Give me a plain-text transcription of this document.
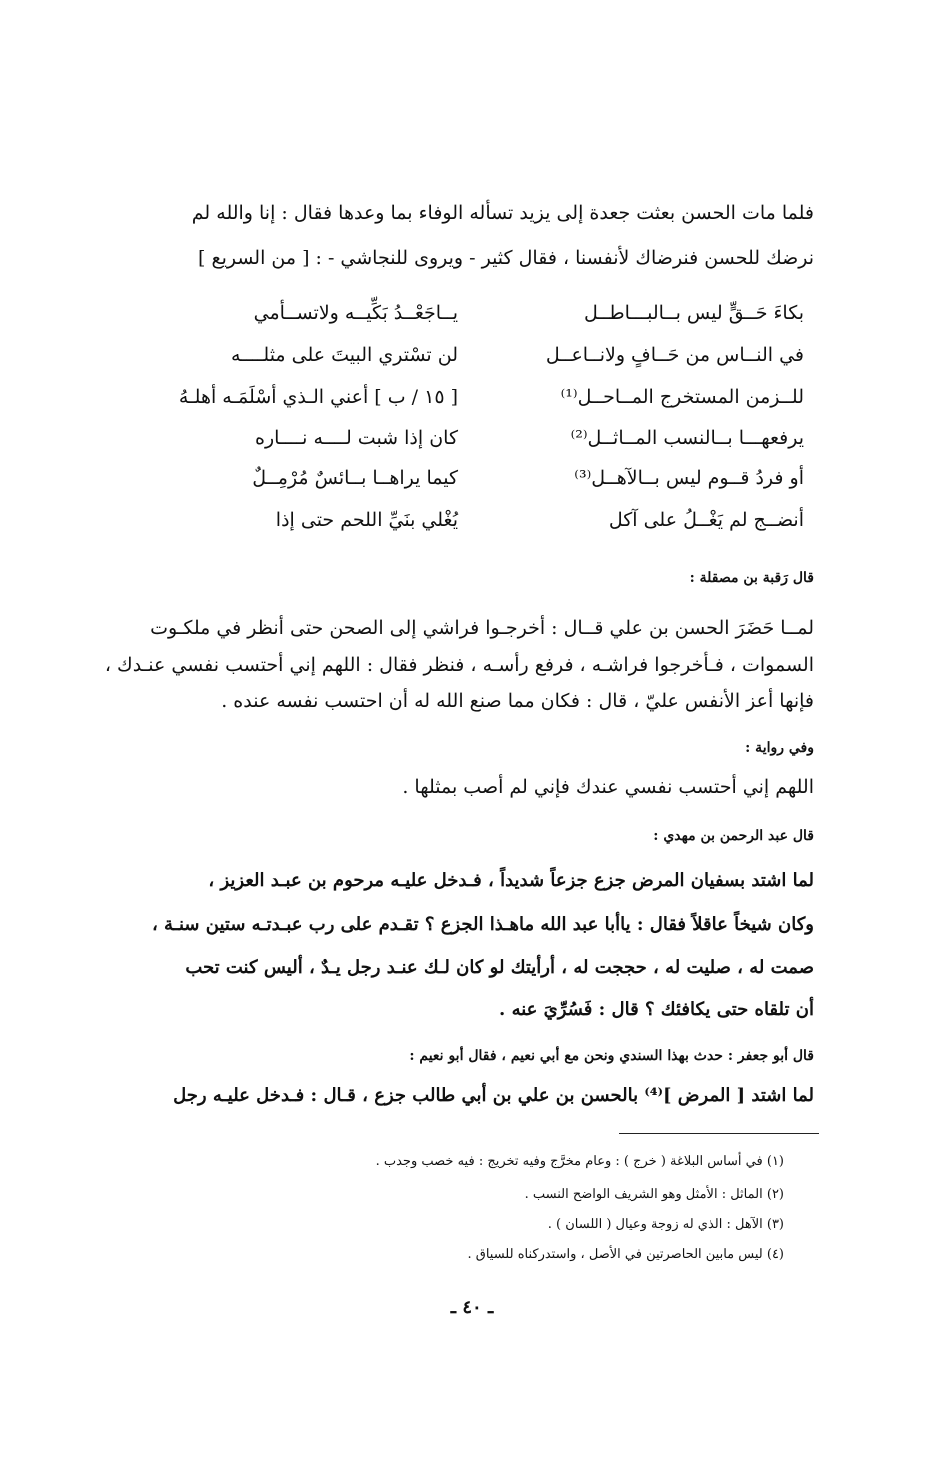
فلما مات الحسن بعثت جعدة إلى يزيد تسأله الوفاء بما وعدها فقال : إنا والله لم
نرضك للحسن فنرضاك لأنفسنا ، فقال كثير - ويروى للنجاشي - : [ من السريع ]
يــاجَعْــدُ بَكِّيــه ولاتســأمي	بكاءَ حَــقٍّ ليس بــالبـــاطــل
لن تسْتري البيتَ على مثلــــه	في النــاس من حَــافٍ ولانــاعــل
[ ١٥ / ب ] أعني الـذي أسْلَمَـه أهلـهُ	للــزمن المستخرج المــاحــل⁽¹⁾
كان إذا شبت لــــه نــــاره	يرفعهـــا بــالنسب المــاثــل⁽²⁾
كيما يراهــا بــائسٌ مُرْمِــلٌ	أو فردُ قــوم ليس بــالآهــل⁽³⁾
يُغْلي بنَيِّ اللحم حتى إذا	أنضــج لم يَغْــلُ على آكل
قال رَقبة بن مصقلة :
لمــا حَضَرَ الحسن بن علي قــال : أخرجـوا فراشي إلى الصحن حتى أنظر في ملكـوت
السموات ، فـأخرجوا فراشـه ، فرفع رأسـه ، فنظر فقال : اللهم إني أحتسب نفسي عنـدك ،
فإنها أعز الأنفس عليّ ، قال : فكان مما صنع الله له أن احتسب نفسه عنده .
وفي رواية :
اللهم إني أحتسب نفسي عندك فإني لم أصب بمثلها .
قال عبد الرحمن بن مهدي :
لما اشتد بسفيان المرض جزع جزعاً شديداً ، فـدخل عليـه مرحوم بن عبـد العزيز ،
وكان شيخاً عاقلاً فقال : ياأبا عبد الله ماهـذا الجزع ؟ تقـدم على رب عبـدتـه ستين سنـة ،
صمت له ، صليت له ، حججت له ، أرأيتك لو كان لـك عنـد رجل يـدٌ ، أليس كنت تحب
أن تلقاه حتى يكافئك ؟ قال : فَسُرِّيَ عنه .
قال أبو جعفر : حدث بهذا السندي ونحن مع أبي نعيم ، فقال أبو نعيم :
لما اشتد [ المرض ]⁽⁴⁾ بالحسن بن علي بن أبي طالب جزع ، قـال : فـدخل عليـه رجل
(١) في أساس البلاغة ( خرج ) : وعام مخرَّج وفيه تخريج : فيه خصب وجدب .
(٢) الماثل : الأمثل وهو الشريف الواضح النسب .
(٣) الآهل : الذي له زوجة وعيال ( اللسان ) .
(٤) ليس مابين الحاصرتين في الأصل ، واستدركناه للسياق .
ـ ٤٠ ـ
